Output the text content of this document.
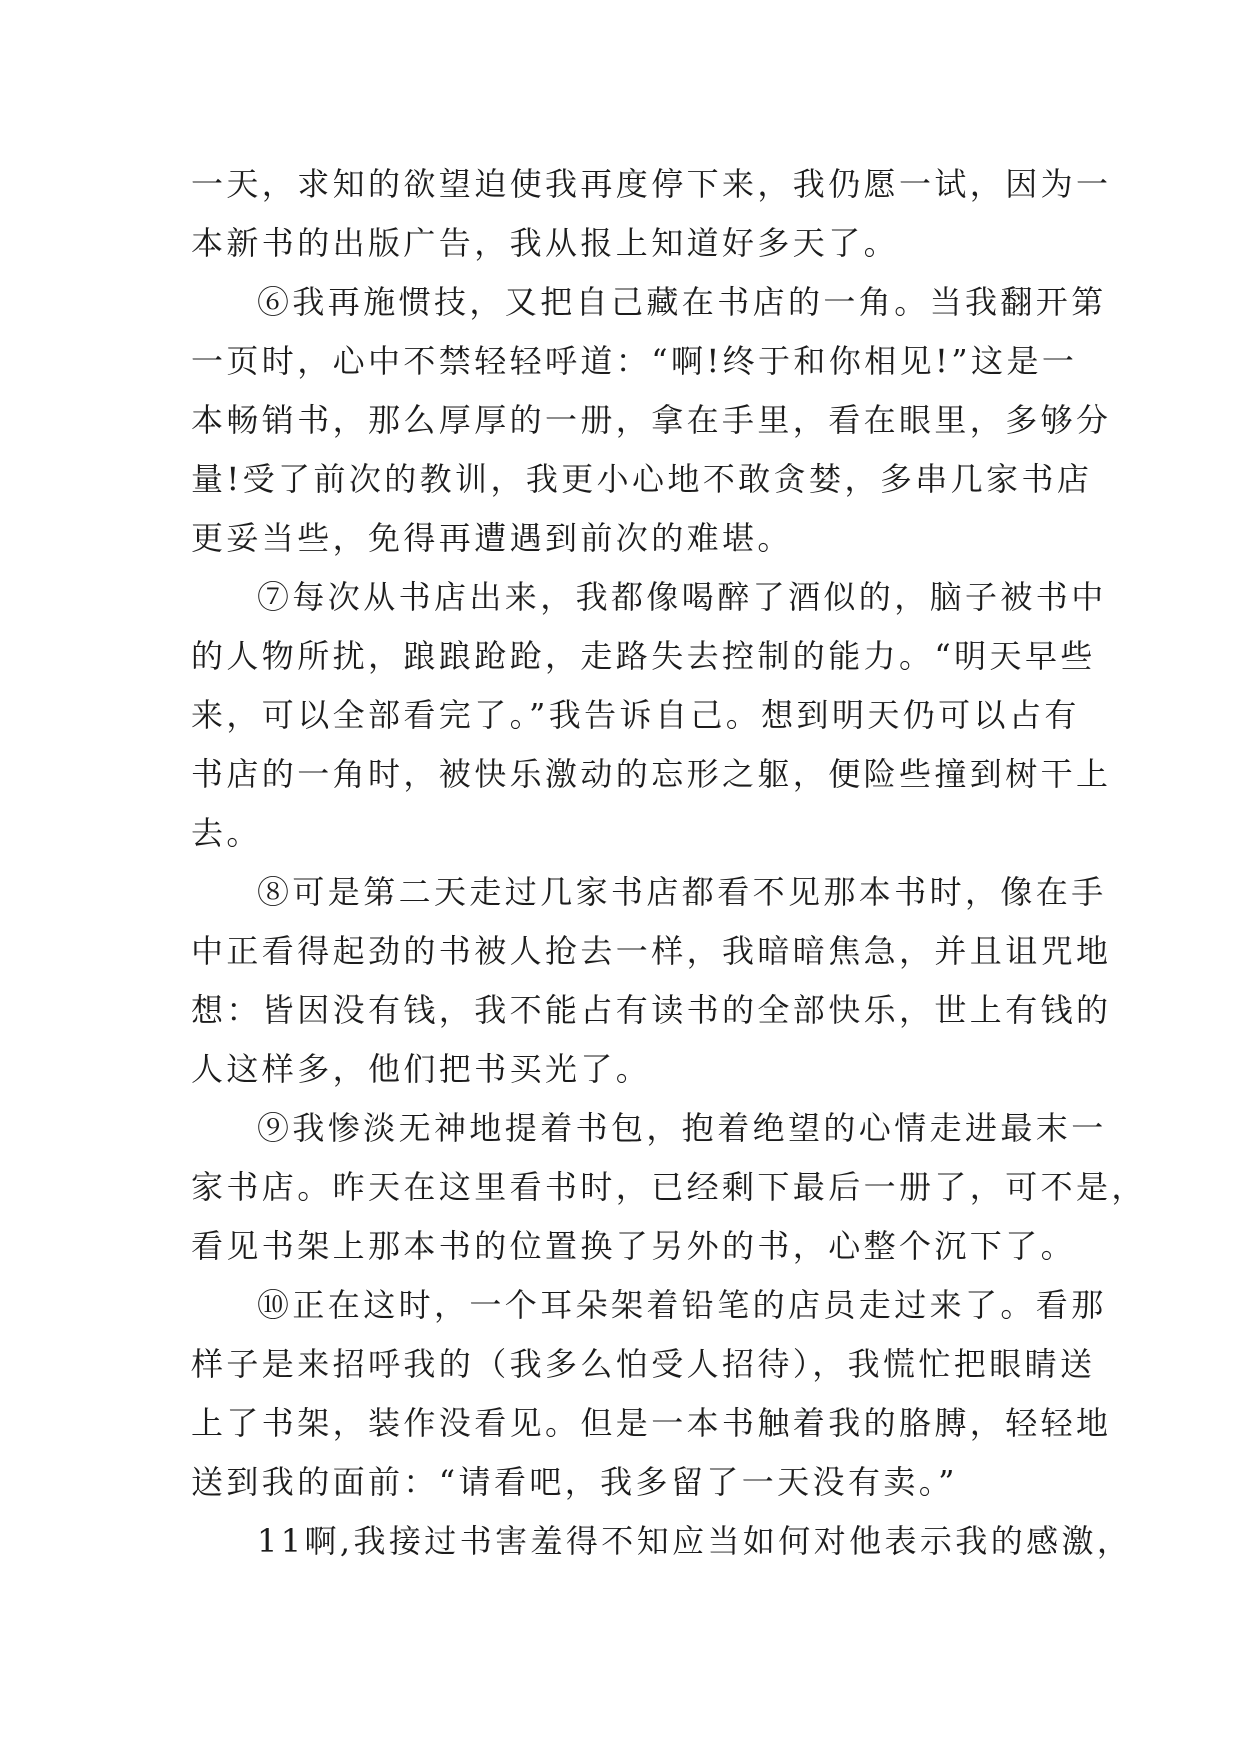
一天，求知的欲望迫使我再度停下来，我仍愿一试，因为一
本新书的出版广告，我从报上知道好多天了。
⑥我再施惯技，又把自己藏在书店的一角。当我翻开第
一页时，心中不禁轻轻呼道：“啊!终于和你相见!”这是一
本畅销书，那么厚厚的一册，拿在手里，看在眼里，多够分
量!受了前次的教训，我更小心地不敢贪婪，多串几家书店
更妥当些，免得再遭遇到前次的难堪。
⑦每次从书店出来，我都像喝醉了酒似的，脑子被书中
的人物所扰，踉踉跄跄，走路失去控制的能力。“明天早些
来，可以全部看完了。”我告诉自己。想到明天仍可以占有
书店的一角时，被快乐激动的忘形之躯，便险些撞到树干上
去。
⑧可是第二天走过几家书店都看不见那本书时，像在手
中正看得起劲的书被人抢去一样，我暗暗焦急，并且诅咒地
想：皆因没有钱，我不能占有读书的全部快乐，世上有钱的
人这样多，他们把书买光了。
⑨我惨淡无神地提着书包，抱着绝望的心情走进最末一
家书店。昨天在这里看书时，已经剩下最后一册了，可不是，
看见书架上那本书的位置换了另外的书，心整个沉下了。
⑩正在这时，一个耳朵架着铅笔的店员走过来了。看那
样子是来招呼我的（我多么怕受人招待），我慌忙把眼睛送
上了书架，装作没看见。但是一本书触着我的胳膊，轻轻地
送到我的面前：“请看吧，我多留了一天没有卖。”
11啊,我接过书害羞得不知应当如何对他表示我的感激，
